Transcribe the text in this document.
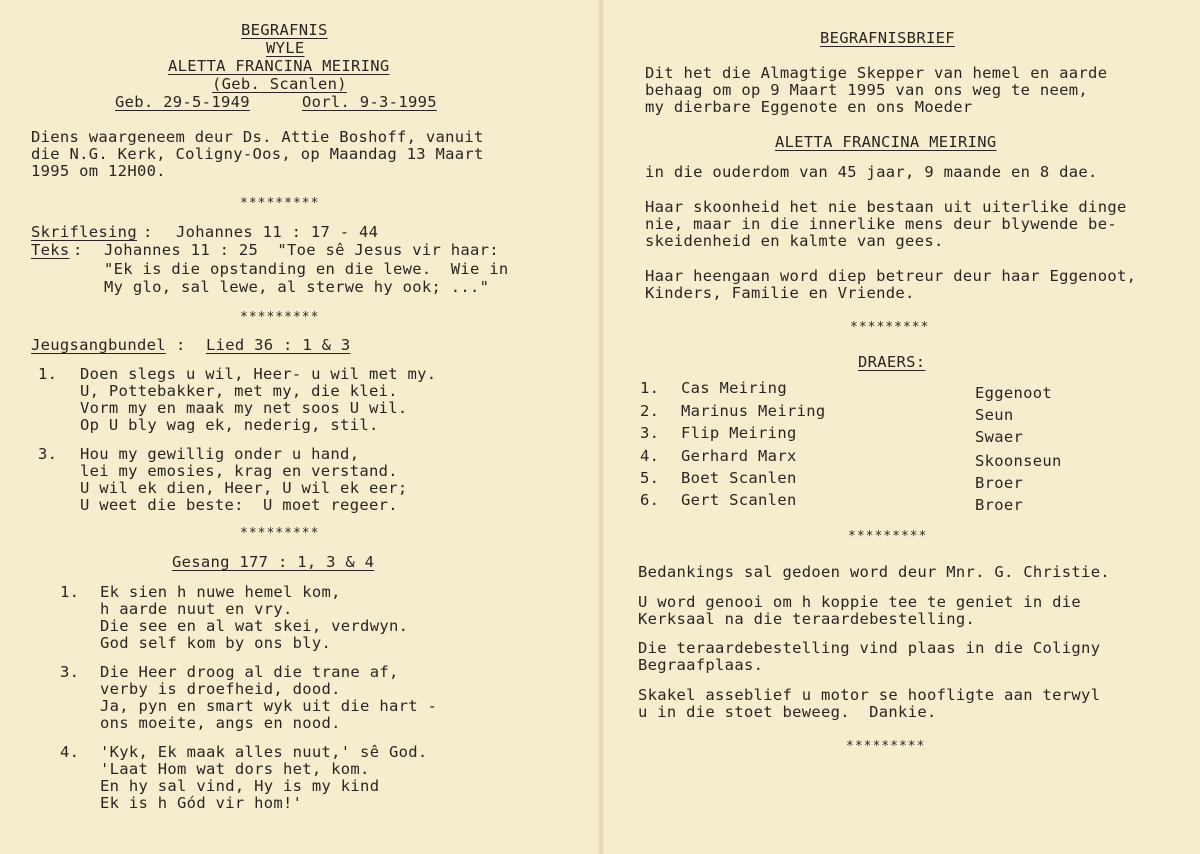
BEGRAFNIS
WYLE
ALETTA FRANCINA MEIRING
(Geb. Scanlen)
Geb. 29-5-1949	Oorl. 9-3-1995
Diens waargeneem deur Ds. Attie Boshoff, vanuit
die N.G. Kerk, Coligny-Oos, op Maandag 13 Maart
1995 om 12H00.
*********
Skriflesing : Johannes 11 : 17 - 44
Teks : Johannes 11 : 25  "Toe sê Jesus vir haar:
"Ek is die opstanding en die lewe.  Wie in
My glo, sal lewe, al sterwe hy ook; ..."
*********
Jeugsangbundel : Lied 36 : 1 & 3
1. Doen slegs u wil, Heer- u wil met my.
U, Pottebakker, met my, die klei.
Vorm my en maak my net soos U wil.
Op U bly wag ek, nederig, stil.
3. Hou my gewillig onder u hand,
lei my emosies, krag en verstand.
U wil ek dien, Heer, U wil ek eer;
U weet die beste:  U moet regeer.
*********
Gesang 177 : 1, 3 & 4
1. Ek sien h nuwe hemel kom,
h aarde nuut en vry.
Die see en al wat skei, verdwyn.
God self kom by ons bly.
3. Die Heer droog al die trane af,
verby is droefheid, dood.
Ja, pyn en smart wyk uit die hart -
ons moeite, angs en nood.
4. 'Kyk, Ek maak alles nuut,' sê God.
'Laat Hom wat dors het, kom.
En hy sal vind, Hy is my kind
Ek is h Gód vir hom!'
BEGRAFNISBRIEF
Dit het die Almagtige Skepper van hemel en aarde
behaag om op 9 Maart 1995 van ons weg te neem,
my dierbare Eggenote en ons Moeder
ALETTA FRANCINA MEIRING
in die ouderdom van 45 jaar, 9 maande en 8 dae.
Haar skoonheid het nie bestaan uit uiterlike dinge
nie, maar in die innerlike mens deur blywende be-
skeidenheid en kalmte van gees.
Haar heengaan word diep betreur deur haar Eggenoot,
Kinders, Familie en Vriende.
*********
DRAERS:
1. Cas Meiring	Eggenoot
2. Marinus Meiring	Seun
3. Flip Meiring	Swaer
4. Gerhard Marx	Skoonseun
5. Boet Scanlen	Broer
6. Gert Scanlen	Broer
*********
Bedankings sal gedoen word deur Mnr. G. Christie.
U word genooi om h koppie tee te geniet in die
Kerksaal na die teraardebestelling.
Die teraardebestelling vind plaas in die Coligny
Begraafplaas.
Skakel asseblief u motor se hoofligte aan terwyl
u in die stoet beweeg.  Dankie.
*********
